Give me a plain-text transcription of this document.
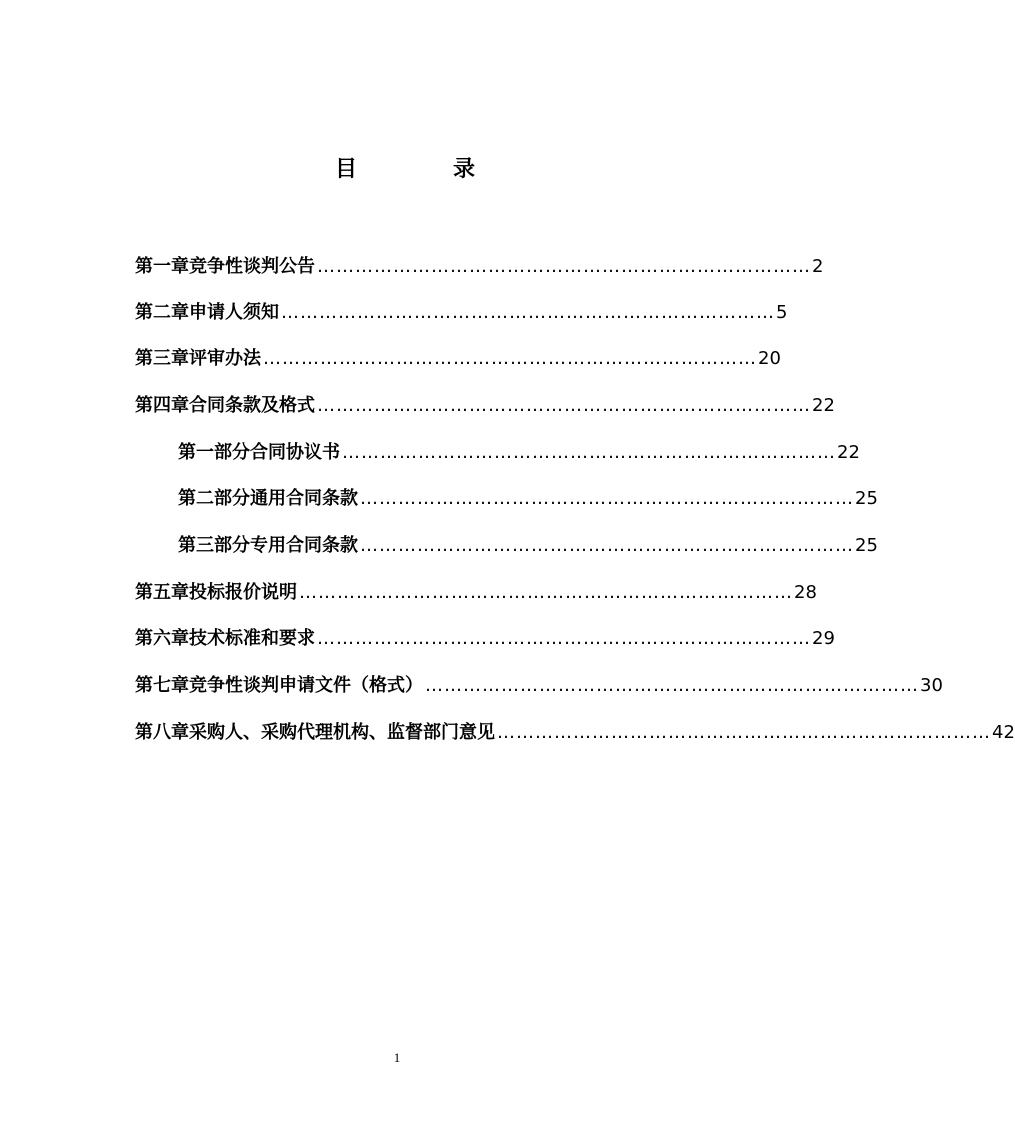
目	录
第一章 竞争性谈判公告 …………………………………………………………………… 2
第二章 申请人须知 …………………………………………………………………… 5
第三章 评审办法 …………………………………………………………………… 20
第四章 合同条款及格式 …………………………………………………………………… 22
第一部分 合同协议书 …………………………………………………………………… 22
第二部分 通用合同条款 …………………………………………………………………… 25
第三部分 专用合同条款 …………………………………………………………………… 25
第五章 投标报价说明 …………………………………………………………………… 28
第六章 技术标准和要求 …………………………………………………………………… 29
第七章 竞争性谈判申请文件（格式） …………………………………………………………………… 30
第八章 采购人、采购代理机构、监督部门意见 …………………………………………………………………… 42
1
